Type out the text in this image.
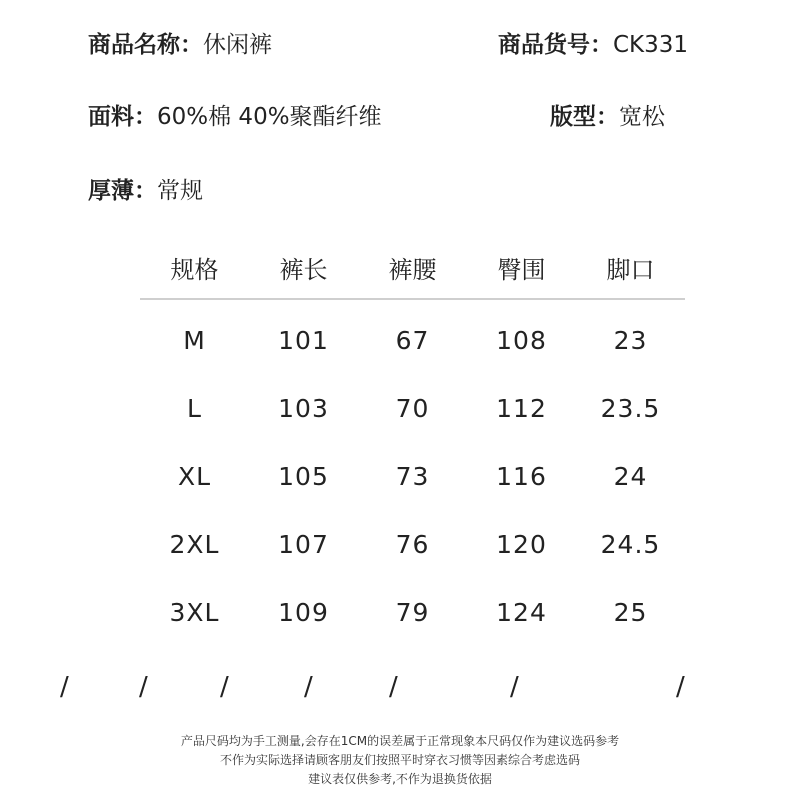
商品名称：休闲裤	商品货号：CK331
面料：60%棉 40%聚酯纤维	版型：宽松
厚薄：常规
规格	裤长	裤腰	臀围	脚口
M	101	67	108	23
L	103	70	112	23.5
XL	105	73	116	24
2XL	107	76	120	24.5
3XL	109	79	124	25
/	/	/	/	/	/	/
产品尺码均为手工测量,会存在1CM的误差属于正常现象本尺码仅作为建议选码参考
不作为实际选择请顾客朋友们按照平时穿衣习惯等因素综合考虑选码
建议表仅供参考,不作为退换货依据
